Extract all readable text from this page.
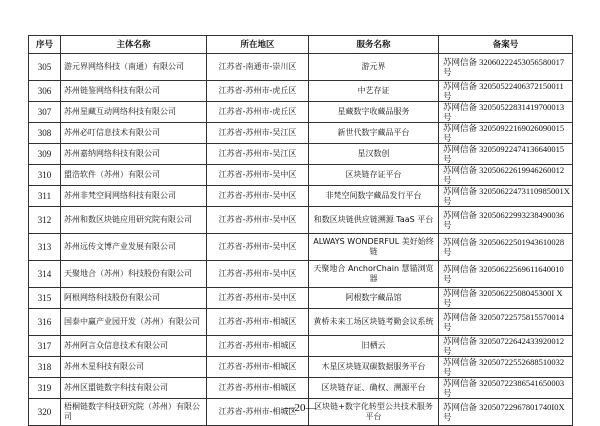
序号	主体名称	所在地区	服务名称	备案号
305	游元界网络科技（南通）有限公司	江苏省-南通市-崇川区	游元界	苏网信备 32060222453056580017 号
306	苏州链鉴网络科技有限公司	江苏省-苏州市-虎丘区	中艺存证	苏网信备 32050522406372150011 号
307	苏州星藏互动网络科技有限公司	江苏省-苏州市-虎丘区	星藏数字收藏品服务	苏网信备 32050522831419700013 号
308	苏州必叮信息技术有限公司	江苏省-苏州市-吴江区	新世代数字藏品平台	苏网信备 32050922169026090015 号
309	苏州嘉纳网络科技有限公司	江苏省-苏州市-吴江区	星汉数创	苏网信备 32050922474136640015 号
310	盟浩软件（苏州）有限公司	江苏省-苏州市-吴中区	区块链存证平台	苏网信备 32050622619946260012 号
311	苏州非梵空间网络科技有限公司	江苏省-苏州市-吴中区	非梵空间数字藏品发行平台	苏网信备 32050622473110985001X 号
312	苏州和数区块链应用研究院有限公司	江苏省-苏州市-吴中区	和数区块链供应链溯源 TaaS 平台	苏网信备 32050622993238490036 号
313	苏州远传文博产业发展有限公司	江苏省-苏州市-吴中区	ALWAYS WONDERFUL 美好始终链	苏网信备 32050622501943610028 号
314	天聚地合（苏州）科技股份有限公司	江苏省-苏州市-吴中区	天聚地合 AnchorChain 慧锚浏览器	苏网信备 32050622569611640010 号
315	阿根网络科技股份有限公司	江苏省-苏州市-吴中区	阿根数字藏品馆	苏网信备 32050622508045300I X 号
316	国泰中赢产业园开发（苏州）有限公司	江苏省-苏州市-相城区	黄桥未来工场区块链考勤会议系统	苏网信备 32050722575815570014 号
317	苏州阿言众信息技术有限公司	江苏省-苏州市-相城区	旧栖云	苏网信备 32050722642433920012 号
318	苏州木星科技有限公司	江苏省-苏州市-相城区	木星区块链双碳数据服务平台	苏网信备 32050722552688510032 号
319	苏州区盟链数字科技有限公司	江苏省-苏州市-相城区	区块链存证、确权、溯源平台	苏网信备 32050722386541650003 号
320	梧桐链数字科技研究院（苏州）有限公司	江苏省-苏州市-相城区	区块链+数字化转型公共技术服务平台	苏网信备 32050722967801740I0X 号
—20—
